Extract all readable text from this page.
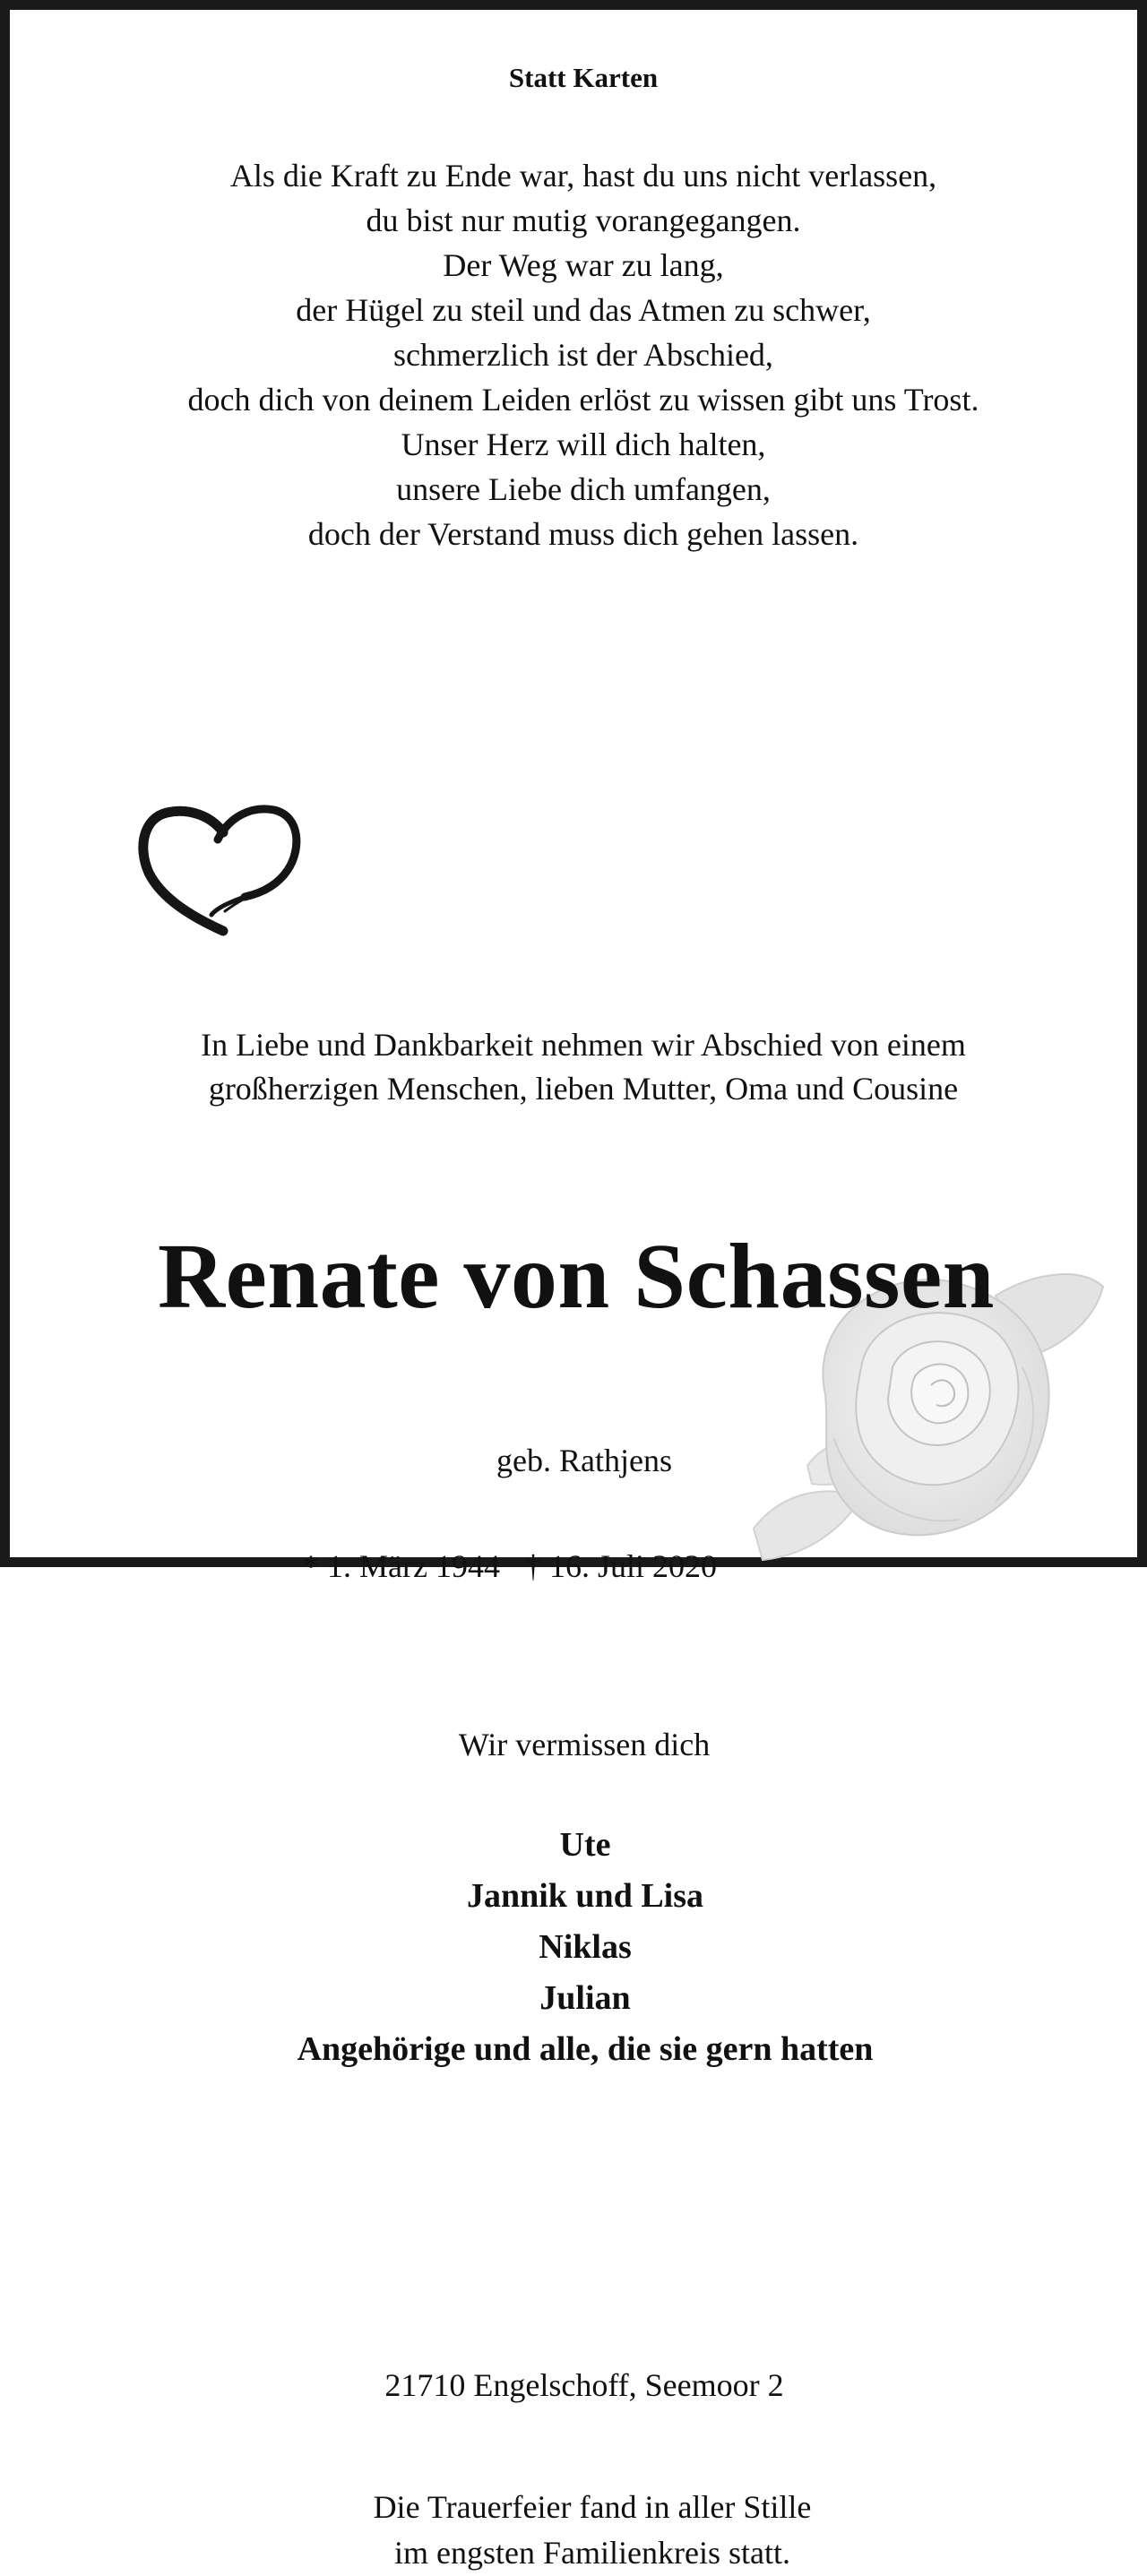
Statt Karten
Als die Kraft zu Ende war, hast du uns nicht verlassen,
du bist nur mutig vorangegangen.
Der Weg war zu lang,
der Hügel zu steil und das Atmen zu schwer,
schmerzlich ist der Abschied,
doch dich von deinem Leiden erlöst zu wissen gibt uns Trost.
Unser Herz will dich halten,
unsere Liebe dich umfangen,
doch der Verstand muss dich gehen lassen.
In Liebe und Dankbarkeit nehmen wir Abschied von einem
großherzigen Menschen, lieben Mutter, Oma und Cousine
Renate von Schassen
geb. Rathjens
* 1. März 1944 † 16. Juli 2020
Wir vermissen dich
Ute
Jannik und Lisa
Niklas
Julian
Angehörige und alle, die sie gern hatten
21710 Engelschoff, Seemoor 2
Die Trauerfeier fand in aller Stille
im engsten Familienkreis statt.
